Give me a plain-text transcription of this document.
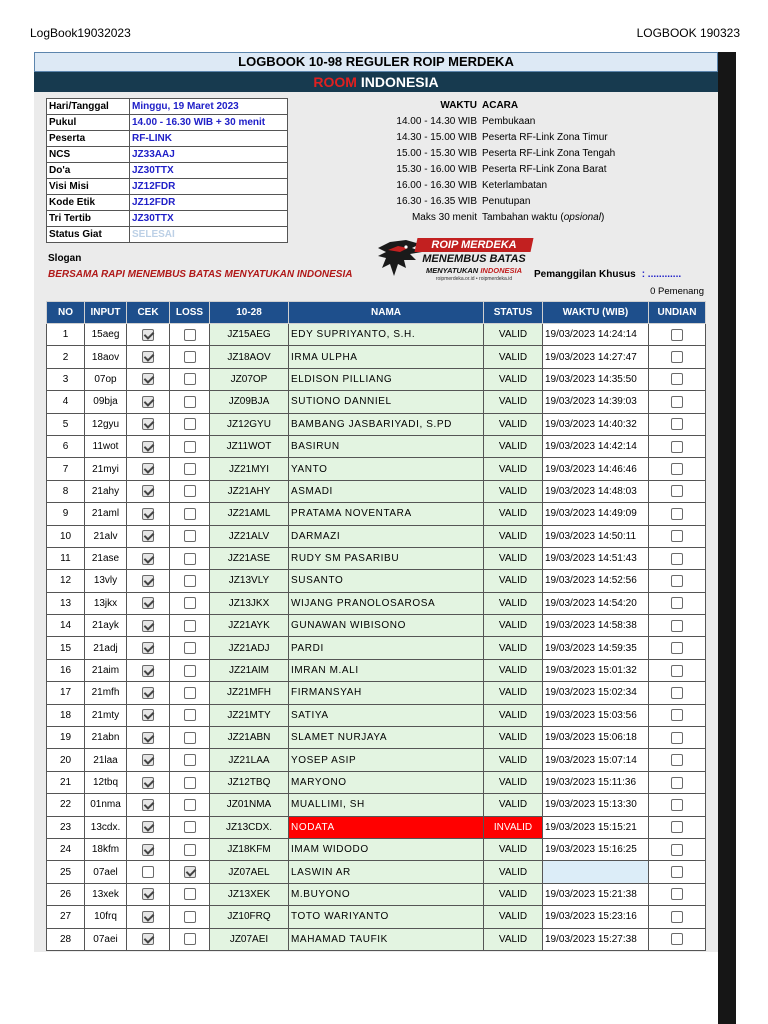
LogBook19032023	LOGBOOK 190323
LOGBOOK 10-98 REGULER ROIP MERDEKA
ROOM INDONESIA
Hari/Tanggal	Minggu, 19 Maret 2023
Pukul	14.00 - 16.30 WIB + 30 menit
Peserta	RF-LINK
NCS	JZ33AAJ
Do'a	JZ30TTX
Visi Misi	JZ12FDR
Kode Etik	JZ12FDR
Tri Tertib	JZ30TTX
Status Giat	SELESAI
WAKTU ACARA
14.00 - 14.30 WIB Pembukaan
14.30 - 15.00 WIB Peserta RF-Link Zona Timur
15.00 - 15.30 WIB Peserta RF-Link Zona Tengah
15.30 - 16.00 WIB Peserta RF-Link Zona Barat
16.00 - 16.30 WIB Keterlambatan
16.30 - 16.35 WIB Penutupan
Maks 30 menit Tambahan waktu (opsional)
ROIP MERDEKA
MENEMBUS BATAS
MENYATUKAN INDONESIA
roipmerdeka.or.id • roipmerdeka.id
Slogan
BERSAMA RAPI MENEMBUS BATAS MENYATUKAN INDONESIA	Pemanggilan Khusus : ............
0 Pemenang
NO	INPUT	CEK	LOSS	10-28	NAMA	STATUS	WAKTU (WIB)	UNDIAN
1	15aeg			JZ15AEG	EDY SUPRIYANTO, S.H.	VALID	19/03/2023 14:24:14	
2	18aov			JZ18AOV	IRMA ULPHA	VALID	19/03/2023 14:27:47	
3	07op			JZ07OP	ELDISON PILLIANG	VALID	19/03/2023 14:35:50	
4	09bja			JZ09BJA	SUTIONO DANNIEL	VALID	19/03/2023 14:39:03	
5	12gyu			JZ12GYU	BAMBANG JASBARIYADI, S.PD	VALID	19/03/2023 14:40:32	
6	11wot			JZ11WOT	BASIRUN	VALID	19/03/2023 14:42:14	
7	21myi			JZ21MYI	YANTO	VALID	19/03/2023 14:46:46	
8	21ahy			JZ21AHY	ASMADI	VALID	19/03/2023 14:48:03	
9	21aml			JZ21AML	PRATAMA NOVENTARA	VALID	19/03/2023 14:49:09	
10	21alv			JZ21ALV	DARMAZI	VALID	19/03/2023 14:50:11	
11	21ase			JZ21ASE	RUDY SM PASARIBU	VALID	19/03/2023 14:51:43	
12	13vly			JZ13VLY	SUSANTO	VALID	19/03/2023 14:52:56	
13	13jkx			JZ13JKX	WIJANG PRANOLOSAROSA	VALID	19/03/2023 14:54:20	
14	21ayk			JZ21AYK	GUNAWAN WIBISONO	VALID	19/03/2023 14:58:38	
15	21adj			JZ21ADJ	PARDI	VALID	19/03/2023 14:59:35	
16	21aim			JZ21AIM	IMRAN M.ALI	VALID	19/03/2023 15:01:32	
17	21mfh			JZ21MFH	FIRMANSYAH	VALID	19/03/2023 15:02:34	
18	21mty			JZ21MTY	SATIYA	VALID	19/03/2023 15:03:56	
19	21abn			JZ21ABN	SLAMET NURJAYA	VALID	19/03/2023 15:06:18	
20	21laa			JZ21LAA	YOSEP ASIP	VALID	19/03/2023 15:07:14	
21	12tbq			JZ12TBQ	MARYONO	VALID	19/03/2023 15:11:36	
22	01nma			JZ01NMA	MUALLIMI, SH	VALID	19/03/2023 15:13:30	
23	13cdx.			JZ13CDX.	NODATA	INVALID	19/03/2023 15:15:21	
24	18kfm			JZ18KFM	IMAM WIDODO	VALID	19/03/2023 15:16:25	
25	07ael			JZ07AEL	LASWIN AR	VALID		
26	13xek			JZ13XEK	M.BUYONO	VALID	19/03/2023 15:21:38	
27	10frq			JZ10FRQ	TOTO WARIYANTO	VALID	19/03/2023 15:23:16	
28	07aei			JZ07AEI	MAHAMAD TAUFIK	VALID	19/03/2023 15:27:38	
